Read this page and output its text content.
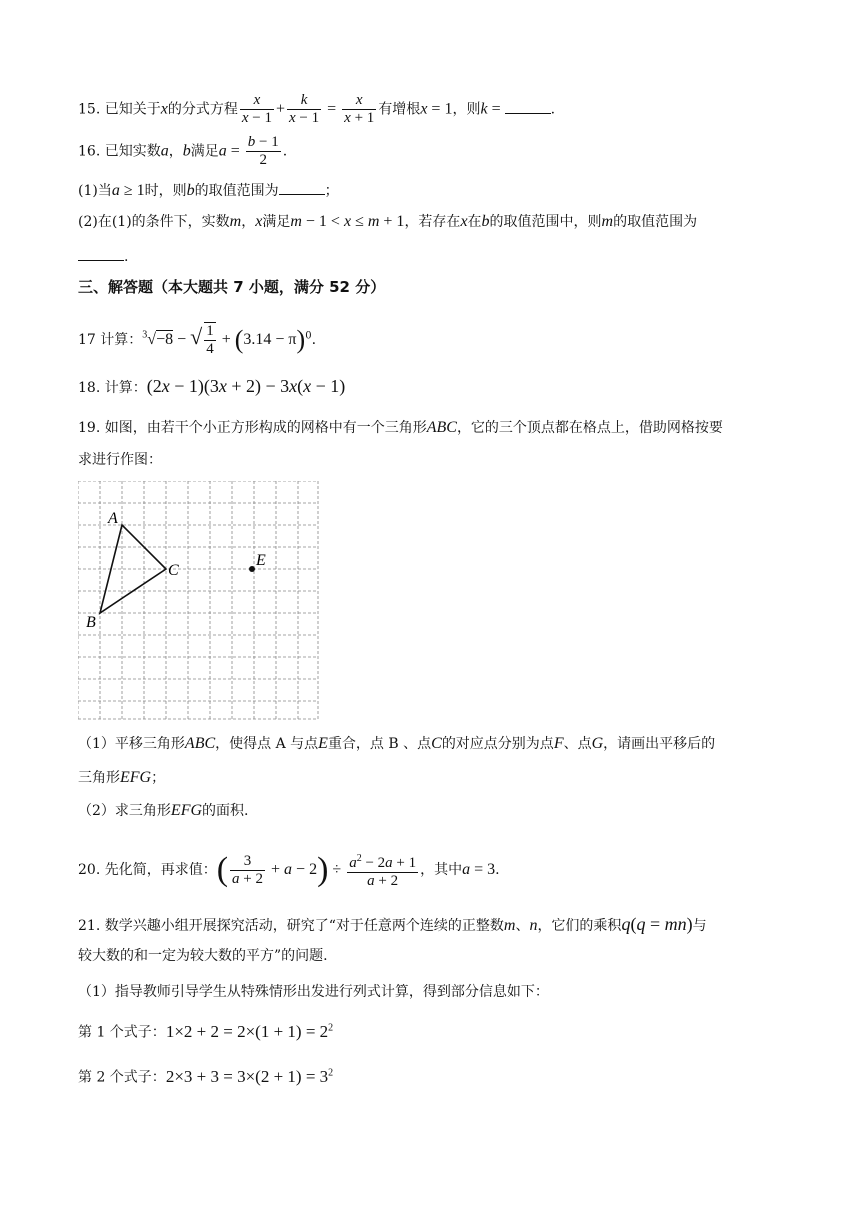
15. 已知关于x的分式方程 $\frac{x}{x - 1} + \frac{k}{x - 1} = \frac{x}{x + 1}$ 有增根x = 1，则k =	.
16. 已知实数a，b满足$a = \frac{b - 1}{2}$ .
(1)当a ≥ 1时，则b的取值范围为	；
(2)在(1)的条件下，实数m，x满足m − 1 < x ≤ m + 1，若存在x在b的取值范围中，则m的取值范围为
.
三、解答题（本大题共 7 小题，满分 52 分）
17 计算：$^3$√−8 − √ $\frac{1}{4} + (3.14 - \pi)^0$.
18. 计算：(2x − 1)(3x + 2) − 3x(x − 1)
19. 如图，由若干个小正方形构成的网格中有一个三角形ABC，它的三个顶点都在格点上，借助网格按要
求进行作图：
A
B
C
E
（1）平移三角形ABC，使得点 A 与点E重合，点 B 、点C的对应点分别为点F、点G，请画出平移后的
三角形EFG；
（2）求三角形EFG的面积.
20. 先化简，再求值：( $\frac{3}{a + 2} + a - 2) \div \frac{a^2 - 2a + 1}{a + 2}$ ，其中a = 3.
21. 数学兴趣小组开展探究活动，研究了“对于任意两个连续的正整数m、n，它们的乘积q(q = mn)与
较大数的和一定为较大数的平方”的问题.
（1）指导教师引导学生从特殊情形出发进行列式计算，得到部分信息如下：
第 1 个式子：$1\times 2 + 2 = 2\times(1 + 1) = 2^2$
第 2 个式子：$2\times 3 + 3 = 3\times(2 + 1) = 3^2$
